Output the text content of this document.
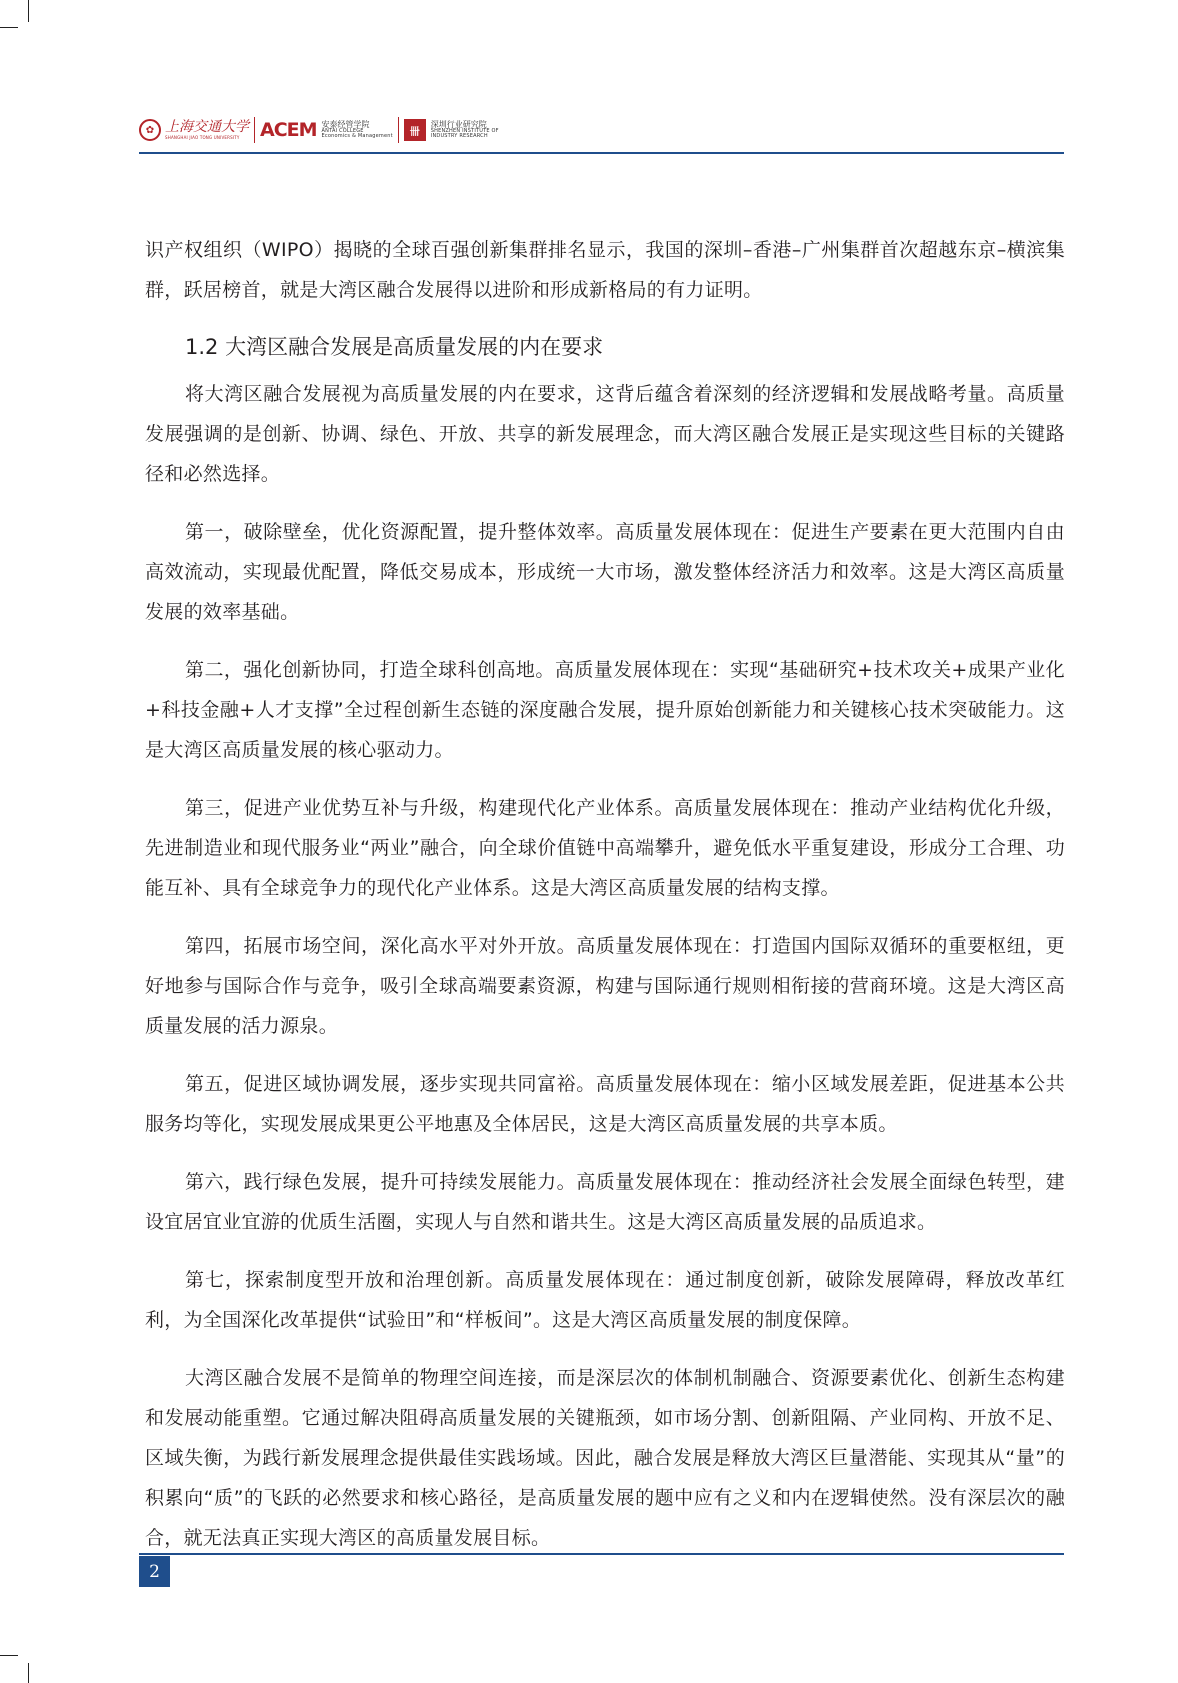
✿ 上海交通大学
SHANGHAI JIAO TONG UNIVERSITY	ACEM 安泰经管学院
ANTAI COLLEGE
Economics & Management	卌
深圳行业研究院
SHENZHEN INSTITUTE OF
INDUSTRY RESEARCH

识产权组织（WIPO）揭晓的全球百强创新集群排名显示，我国的深圳–香港–广州集群首次超越东京–横滨集群，跃居榜首，就是大湾区融合发展得以进阶和形成新格局的有力证明。

1.2 大湾区融合发展是高质量发展的内在要求

将大湾区融合发展视为高质量发展的内在要求，这背后蕴含着深刻的经济逻辑和发展战略考量。高质量发展强调的是创新、协调、绿色、开放、共享的新发展理念，而大湾区融合发展正是实现这些目标的关键路径和必然选择。

第一，破除壁垒，优化资源配置，提升整体效率。高质量发展体现在：促进生产要素在更大范围内自由高效流动，实现最优配置，降低交易成本，形成统一大市场，激发整体经济活力和效率。这是大湾区高质量发展的效率基础。

第二，强化创新协同，打造全球科创高地。高质量发展体现在：实现“基础研究+技术攻关+成果产业化+科技金融+人才支撑”全过程创新生态链的深度融合发展，提升原始创新能力和关键核心技术突破能力。这是大湾区高质量发展的核心驱动力。

第三，促进产业优势互补与升级，构建现代化产业体系。高质量发展体现在：推动产业结构优化升级，先进制造业和现代服务业“两业”融合，向全球价值链中高端攀升，避免低水平重复建设，形成分工合理、功能互补、具有全球竞争力的现代化产业体系。这是大湾区高质量发展的结构支撑。

第四，拓展市场空间，深化高水平对外开放。高质量发展体现在：打造国内国际双循环的重要枢纽，更好地参与国际合作与竞争，吸引全球高端要素资源，构建与国际通行规则相衔接的营商环境。这是大湾区高质量发展的活力源泉。

第五，促进区域协调发展，逐步实现共同富裕。高质量发展体现在：缩小区域发展差距，促进基本公共服务均等化，实现发展成果更公平地惠及全体居民，这是大湾区高质量发展的共享本质。

第六，践行绿色发展，提升可持续发展能力。高质量发展体现在：推动经济社会发展全面绿色转型，建设宜居宜业宜游的优质生活圈，实现人与自然和谐共生。这是大湾区高质量发展的品质追求。

第七，探索制度型开放和治理创新。高质量发展体现在：通过制度创新，破除发展障碍，释放改革红利，为全国深化改革提供“试验田”和“样板间”。这是大湾区高质量发展的制度保障。

大湾区融合发展不是简单的物理空间连接，而是深层次的体制机制融合、资源要素优化、创新生态构建和发展动能重塑。它通过解决阻碍高质量发展的关键瓶颈，如市场分割、创新阻隔、产业同构、开放不足、区域失衡，为践行新发展理念提供最佳实践场域。因此，融合发展是释放大湾区巨量潜能、实现其从“量”的积累向“质”的飞跃的必然要求和核心路径，是高质量发展的题中应有之义和内在逻辑使然。没有深层次的融合，就无法真正实现大湾区的高质量发展目标。

2
